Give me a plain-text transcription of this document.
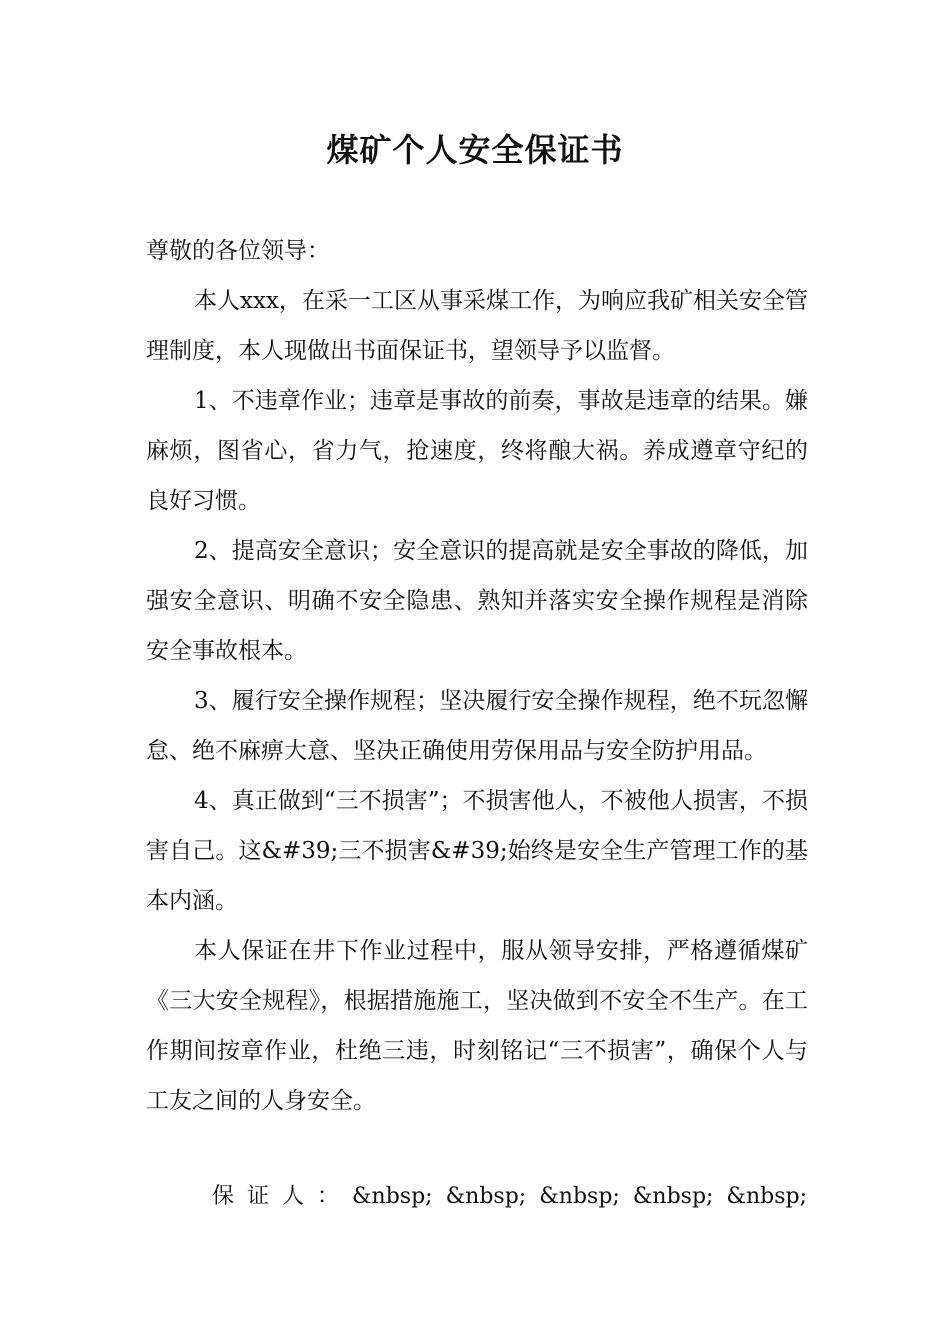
煤矿个人安全保证书

尊敬的各位领导：

本人xxx，在采一工区从事采煤工作，为响应我矿相关安全管理制度，本人现做出书面保证书，望领导予以监督。

1、不违章作业；违章是事故的前奏，事故是违章的结果。嫌麻烦，图省心，省力气，抢速度，终将酿大祸。养成遵章守纪的良好习惯。

2、提高安全意识；安全意识的提高就是安全事故的降低，加强安全意识、明确不安全隐患、熟知并落实安全操作规程是消除安全事故根本。

3、履行安全操作规程；坚决履行安全操作规程，绝不玩忽懈怠、绝不麻痹大意、坚决正确使用劳保用品与安全防护用品。

4、真正做到“三不损害”；不损害他人，不被他人损害，不损害自己。这&#39;三不损害&#39;始终是安全生产管理工作的基本内涵。

本人保证在井下作业过程中，服从领导安排，严格遵循煤矿《三大安全规程》，根据措施施工，坚决做到不安全不生产。在工作期间按章作业，杜绝三违，时刻铭记“三不损害”，确保个人与工友之间的人身安全。

保 证 人 ： &nbsp; &nbsp; &nbsp; &nbsp; &nbsp;
